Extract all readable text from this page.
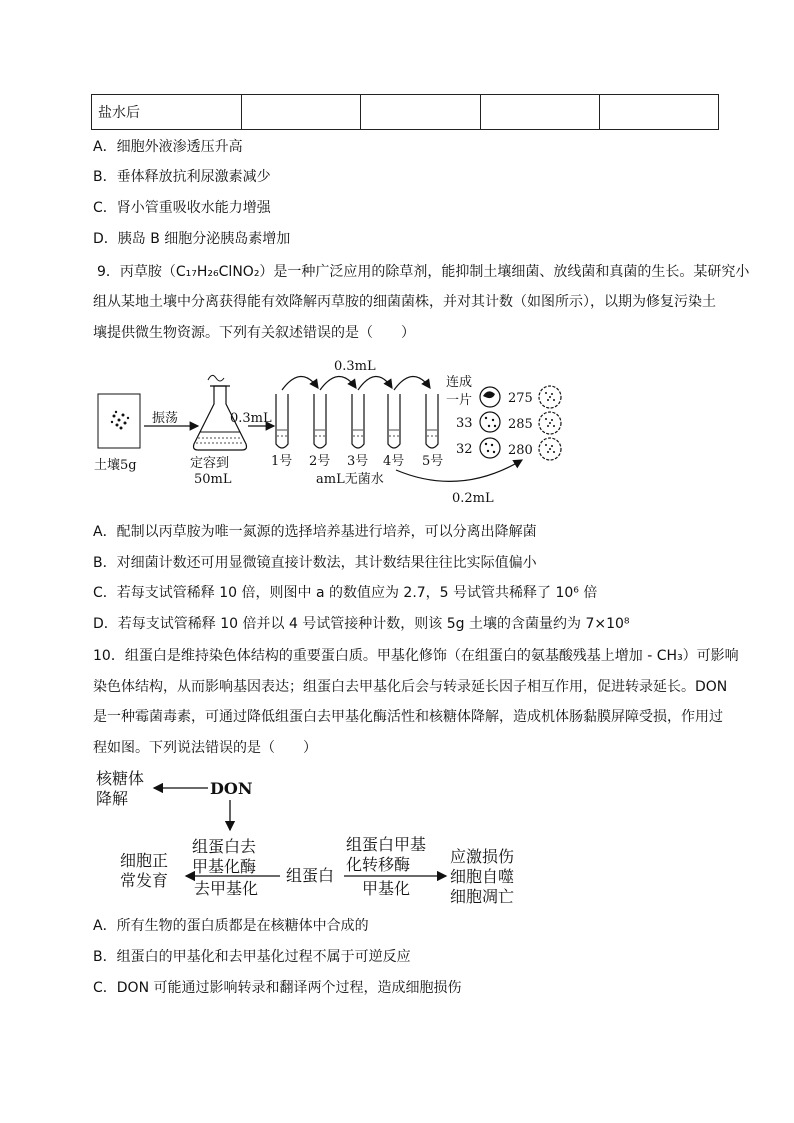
盐水后				
A．细胞外液渗透压升高
B．垂体释放抗利尿激素减少
C．肾小管重吸收水能力增强
D．胰岛 B 细胞分泌胰岛素增加
9．丙草胺（C₁₇H₂₆ClNO₂）是一种广泛应用的除草剂，能抑制土壤细菌、放线菌和真菌的生长。某研究小
组从某地土壤中分离获得能有效降解丙草胺的细菌菌株，并对其计数（如图所示），以期为修复污染土
壤提供微生物资源。下列有关叙述错误的是（　　）
土壤5g
振荡
定容到
50mL
0.3mL
0.3mL
1号 2号 3号 4号 5号
amL无菌水
0.2mL
连成
一片
33
32
275
285
280
A．配制以丙草胺为唯一氮源的选择培养基进行培养，可以分离出降解菌
B．对细菌计数还可用显微镜直接计数法，其计数结果往往比实际值偏小
C．若每支试管稀释 10 倍，则图中 a 的数值应为 2.7，5 号试管共稀释了 10⁶ 倍
D．若每支试管稀释 10 倍并以 4 号试管接种计数，则该 5g 土壤的含菌量约为 7×10⁸
10．组蛋白是维持染色体结构的重要蛋白质。甲基化修饰（在组蛋白的氨基酸残基上增加 - CH₃）可影响
染色体结构，从而影响基因表达；组蛋白去甲基化后会与转录延长因子相互作用，促进转录延长。DON
是一种霉菌毒素，可通过降低组蛋白去甲基化酶活性和核糖体降解，造成机体肠黏膜屏障受损，作用过
程如图。下列说法错误的是（　　）
核糖体
降解
DON
组蛋白去
甲基化酶
细胞正
常发育 去甲基化
组蛋白
组蛋白甲基
化转移酶
甲基化
应激损伤
细胞自噬
细胞凋亡
A．所有生物的蛋白质都是在核糖体中合成的
B．组蛋白的甲基化和去甲基化过程不属于可逆反应
C．DON 可能通过影响转录和翻译两个过程，造成细胞损伤
